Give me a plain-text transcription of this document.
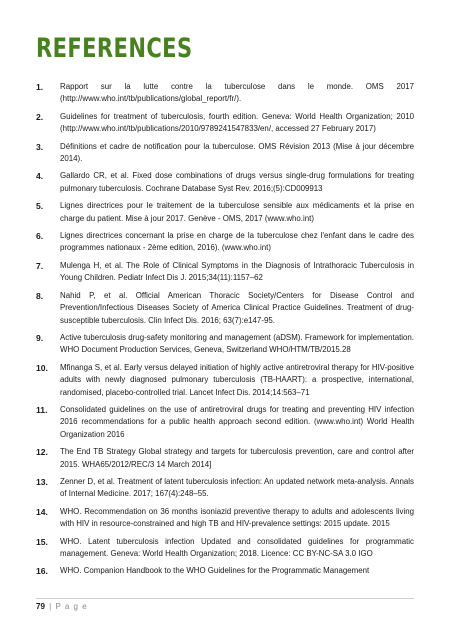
REFERENCES
1.	Rapport sur la lutte contre la tuberculose dans le monde. OMS 2017 (http://www.who.int/tb/publications/global_report/fr/).
2.	Guidelines for treatment of tuberculosis, fourth edition. Geneva: World Health Organization; 2010 (http://www.who.int/tb/publications/2010/9789241547833/en/, accessed 27 February 2017)
3.	Définitions et cadre de notification pour la tuberculose. OMS Révision 2013 (Mise à jour décembre 2014).
4.	Gallardo CR, et al. Fixed dose combinations of drugs versus single-drug formulations for treating pulmonary tuberculosis. Cochrane Database Syst Rev. 2016;(5):CD009913
5.	Lignes directrices pour le traitement de la tuberculose sensible aux médicaments et la prise en charge du patient. Mise à jour 2017. Genève - OMS, 2017 (www.who.int)
6.	Lignes directrices concernant la prise en charge de la tuberculose chez l'enfant dans le cadre des programmes nationaux - 2ème edition, 2016). (www.who.int)
7.	Mulenga H, et al. The Role of Clinical Symptoms in the Diagnosis of Intrathoracic Tuberculosis in Young Children. Pediatr Infect Dis J. 2015;34(11):1157–62
8.	Nahid P, et al. Official American Thoracic Society/Centers for Disease Control and Prevention/Infectious Diseases Society of America Clinical Practice Guidelines. Treatment of drug-susceptible tuberculosis. Clin Infect Dis. 2016; 63(7):e147-95.
9.	Active tuberculosis drug-safety monitoring and management (aDSM). Framework for implementation. WHO Document Production Services, Geneva, Switzerland WHO/HTM/TB/2015.28
10.	Mfinanga S, et al. Early versus delayed initiation of highly active antiretroviral therapy for HIV-positive adults with newly diagnosed pulmonary tuberculosis (TB-HAART): a prospective, international, randomised, placebo-controlled trial. Lancet Infect Dis. 2014;14:563–71
11.	Consolidated guidelines on the use of antiretroviral drugs for treating and preventing HIV infection 2016 recommendations for a public health approach second edition. (www.who.int) World Health Organization 2016
12.	The End TB Strategy Global strategy and targets for tuberculosis prevention, care and control after 2015. WHA65/2012/REC/3 14 March 2014]
13.	Zenner D, et al. Treatment of latent tuberculosis infection: An updated network meta-analysis. Annals of Internal Medicine. 2017; 167(4):248–55.
14.	WHO. Recommendation on 36 months isoniazid preventive therapy to adults and adolescents living with HIV in resource-constrained and high TB and HIV-prevalence settings: 2015 update. 2015
15.	WHO. Latent tuberculosis infection Updated and consolidated guidelines for programmatic management. Geneva: World Health Organization; 2018. Licence: CC BY-NC-SA 3.0 IGO
16.	WHO. Companion Handbook to the WHO Guidelines for the Programmatic Management
79 | P a g e
